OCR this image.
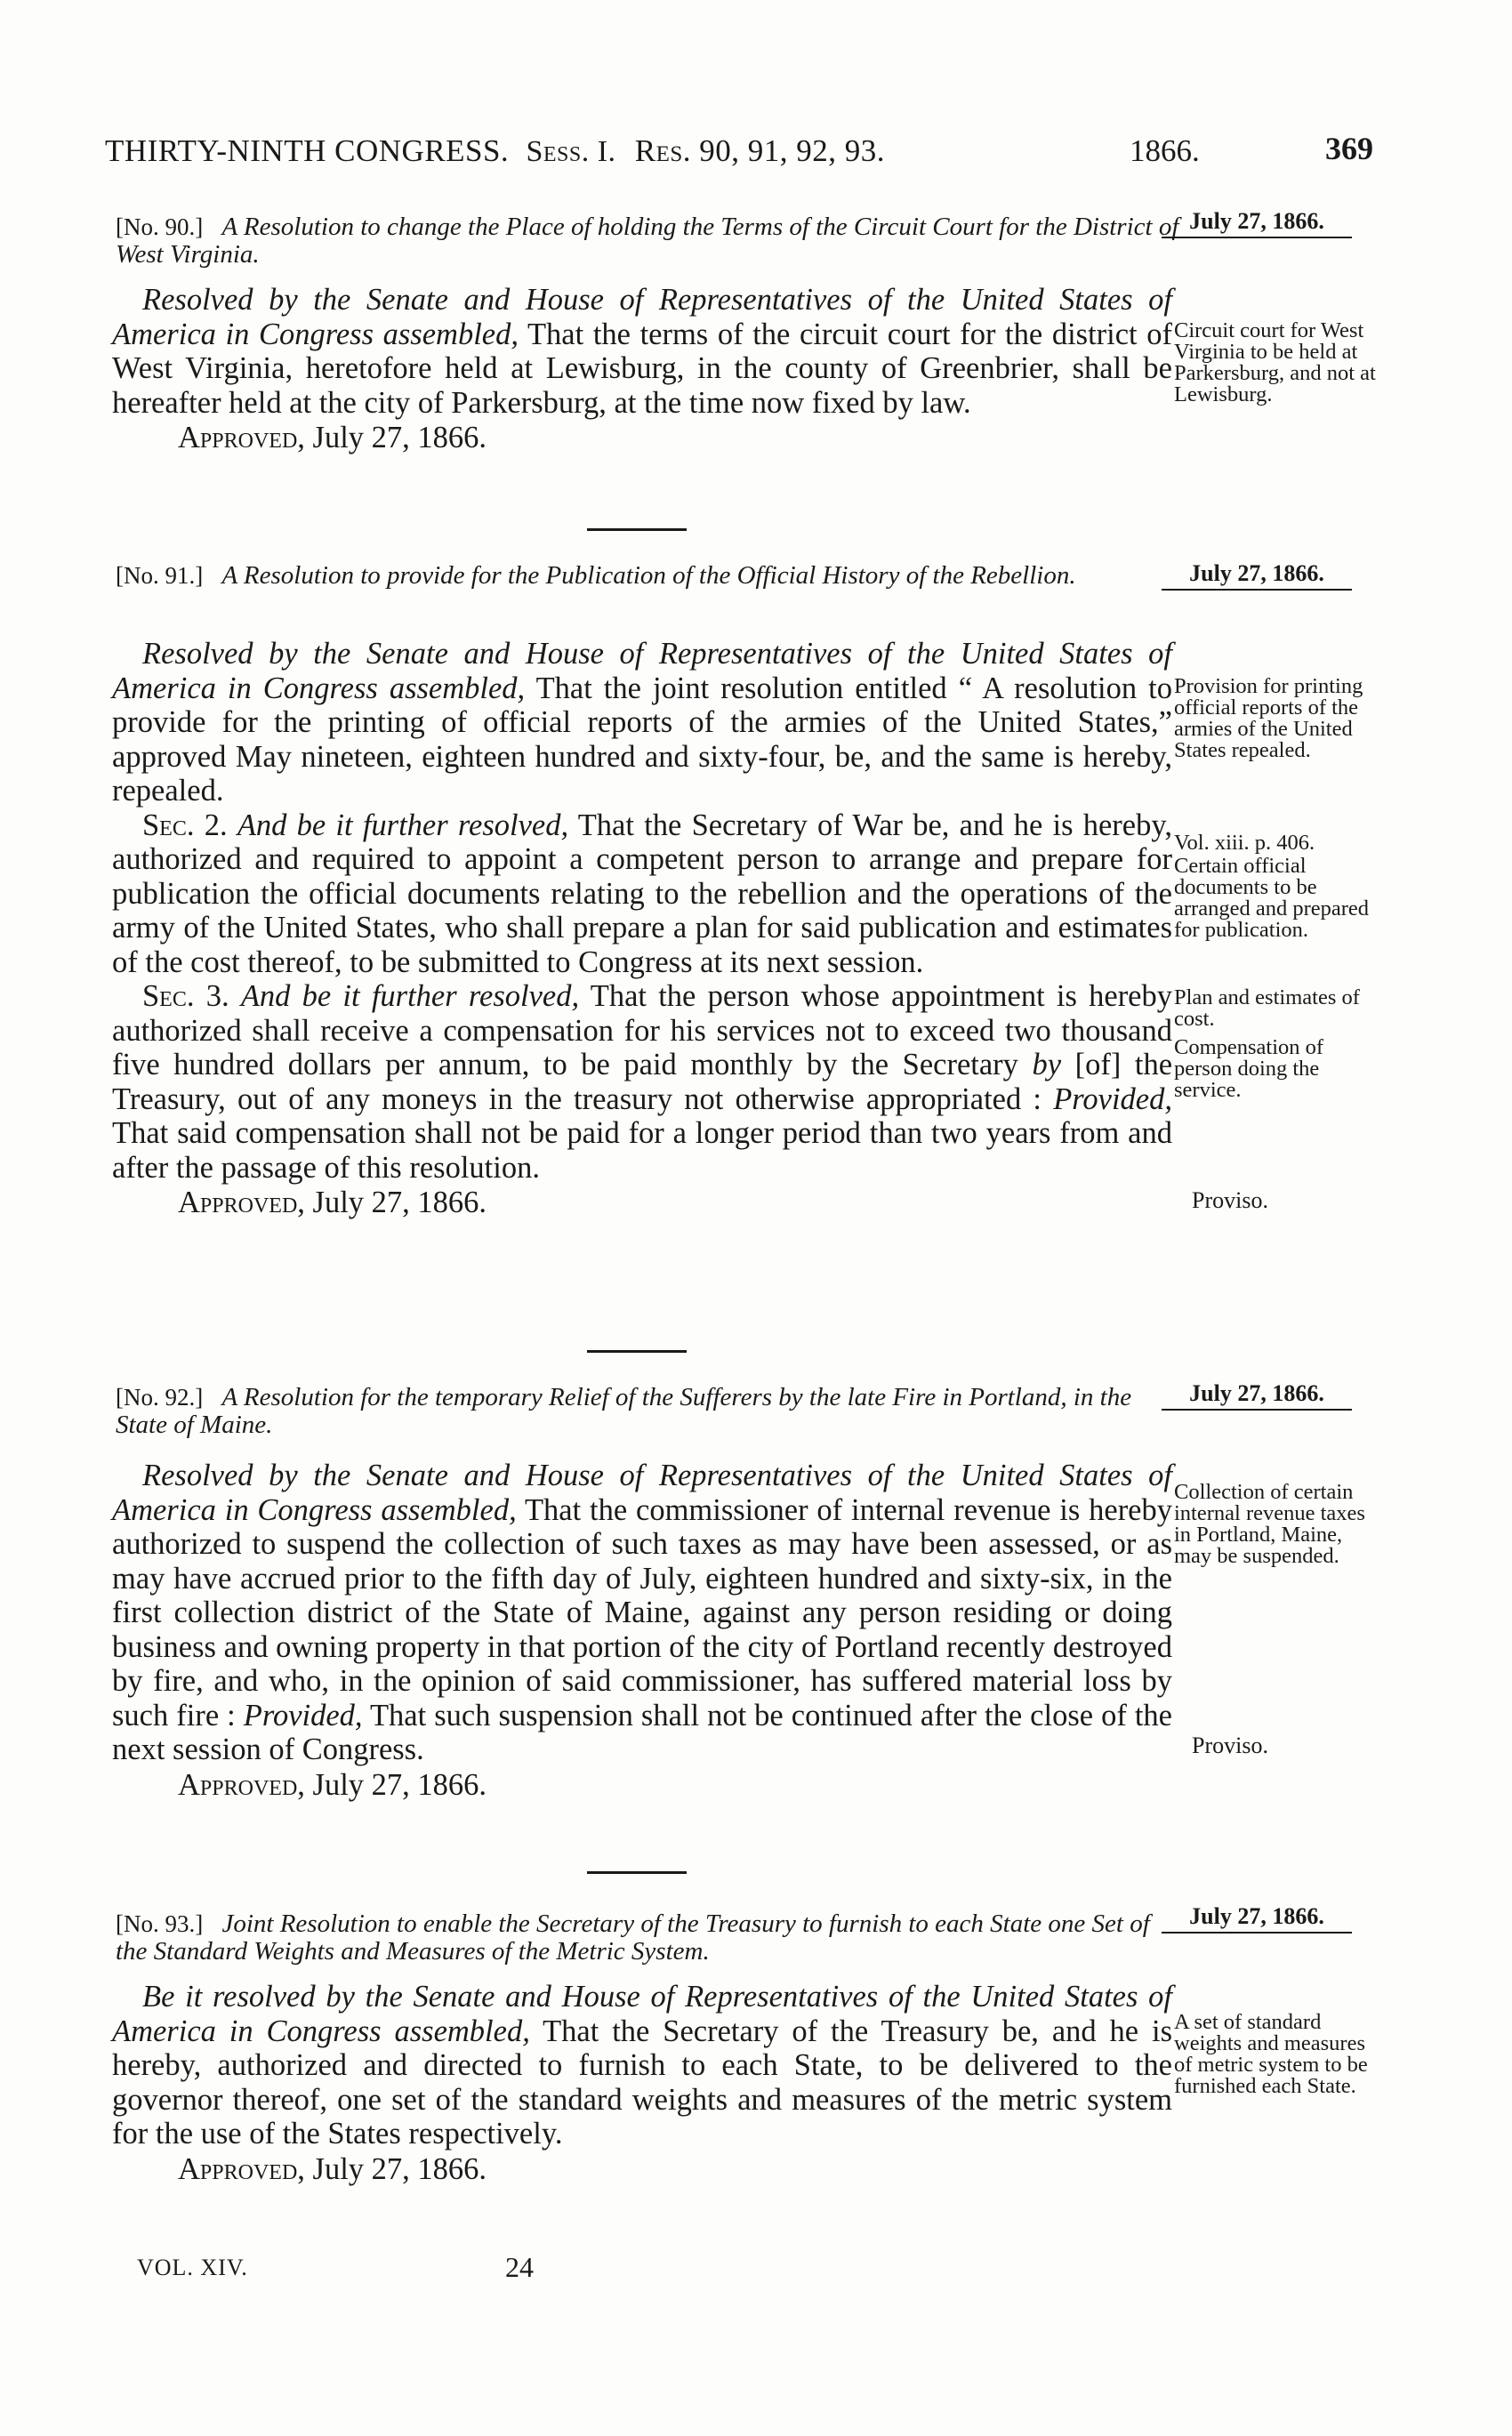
THIRTY-NINTH CONGRESS. Sess. I. Res. 90, 91, 92, 93.	1866.	369
[No. 90.] A Resolution to change the Place of holding the Terms of the Circuit Court for the District of West Virginia.
July 27, 1866.

Resolved by the Senate and House of Representatives of the United States of America in Congress assembled, That the terms of the circuit court for the district of West Virginia, heretofore held at Lewisburg, in the county of Greenbrier, shall be hereafter held at the city of Parkersburg, at the time now fixed by law.

Approved, July 27, 1866.

Circuit court for West Virginia to be held at Parkersburg, and not at Lewisburg.
[No. 91.] A Resolution to provide for the Publication of the Official History of the Rebellion.	July 27, 1866.

Resolved by the Senate and House of Representatives of the United States of America in Congress assembled, That the joint resolution entitled “ A resolution to provide for the printing of official reports of the armies of the United States,” approved May nineteen, eighteen hundred and sixty-four, be, and the same is hereby, repealed.

Sec. 2. And be it further resolved, That the Secretary of War be, and he is hereby, authorized and required to appoint a competent person to arrange and prepare for publication the official documents relating to the rebellion and the operations of the army of the United States, who shall prepare a plan for said publication and estimates of the cost thereof, to be submitted to Congress at its next session.

Sec. 3. And be it further resolved, That the person whose appointment is hereby authorized shall receive a compensation for his services not to exceed two thousand five hundred dollars per annum, to be paid monthly by the Secretary by [of] the Treasury, out of any moneys in the treasury not otherwise appropriated : Provided, That said compensation shall not be paid for a longer period than two years from and after the passage of this resolution.

Approved, July 27, 1866.

Provision for printing official reports of the armies of the United States repealed.
Vol. xiii. p. 406.
Certain official documents to be arranged and prepared for publication.
Plan and estimates of cost.
Compensation of person doing the service.
Proviso.
[No. 92.] A Resolution for the temporary Relief of the Sufferers by the late Fire in Portland, in the State of Maine.
July 27, 1866.

Resolved by the Senate and House of Representatives of the United States of America in Congress assembled, That the commissioner of internal revenue is hereby authorized to suspend the collection of such taxes as may have been assessed, or as may have accrued prior to the fifth day of July, eighteen hundred and sixty-six, in the first collection district of the State of Maine, against any person residing or doing business and owning property in that portion of the city of Portland recently destroyed by fire, and who, in the opinion of said commissioner, has suffered material loss by such fire : Provided, That such suspension shall not be continued after the close of the next session of Congress.

Approved, July 27, 1866.

Collection of certain internal revenue taxes in Portland, Maine, may be suspended.
Proviso.
[No. 93.] Joint Resolution to enable the Secretary of the Treasury to furnish to each State one Set of the Standard Weights and Measures of the Metric System.
July 27, 1866.

Be it resolved by the Senate and House of Representatives of the United States of America in Congress assembled, That the Secretary of the Treasury be, and he is hereby, authorized and directed to furnish to each State, to be delivered to the governor thereof, one set of the standard weights and measures of the metric system for the use of the States respectively.

Approved, July 27, 1866.

A set of standard weights and measures of metric system to be furnished each State.
VOL. XIV.	24
